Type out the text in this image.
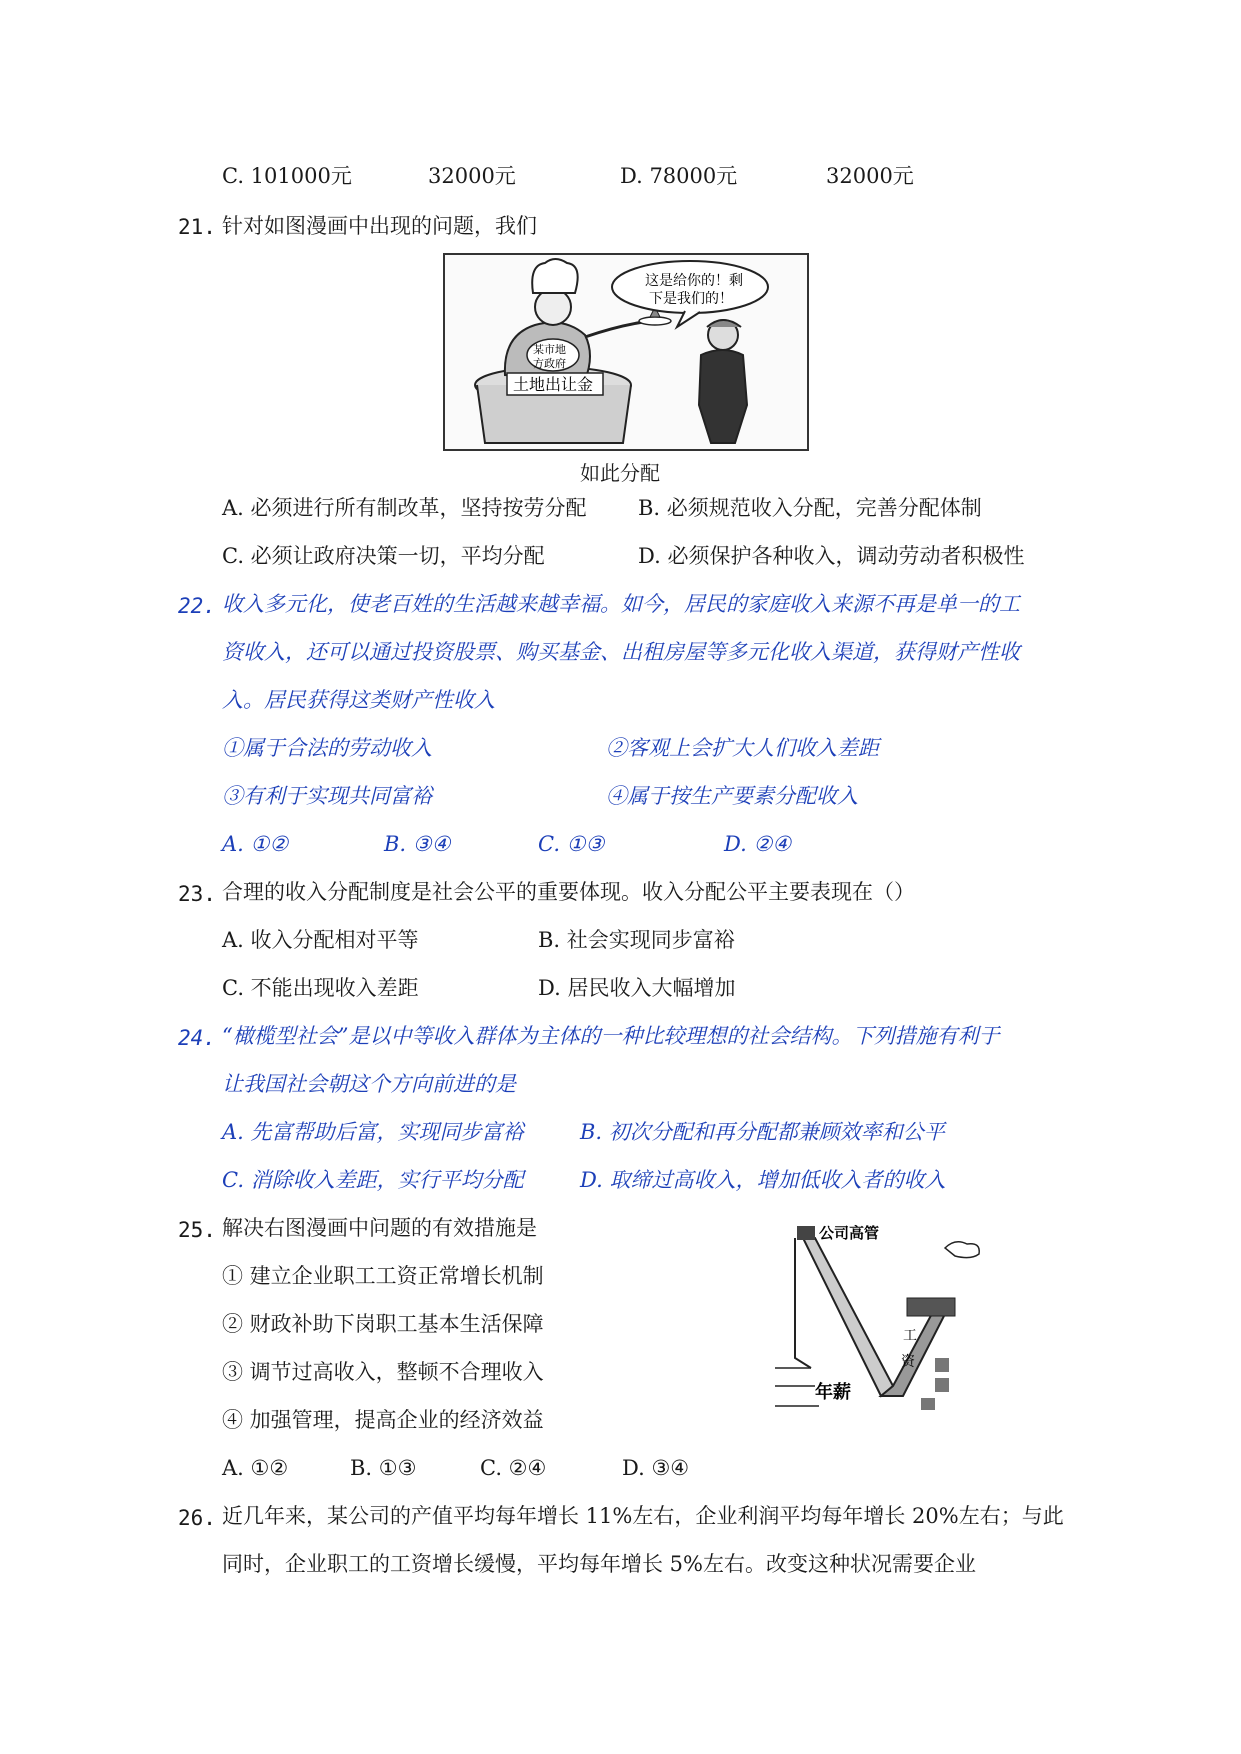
C. 101000元	32000元	D. 78000元	32000元
21. 针对如图漫画中出现的问题，我们
这是给你的！剩
下是我们的！
某市地
方政府
土地出让金
如此分配
A. 必须进行所有制改革，坚持按劳分配 B. 必须规范收入分配，完善分配体制
C. 必须让政府决策一切，平均分配	D. 必须保护各种收入，调动劳动者积极性
22. 收入多元化，使老百姓的生活越来越幸福。如今，居民的家庭收入来源不再是单一的工
资收入，还可以通过投资股票、购买基金、出租房屋等多元化收入渠道，获得财产性收
入。居民获得这类财产性收入
①属于合法的劳动收入	②客观上会扩大人们收入差距
③有利于实现共同富裕	④属于按生产要素分配收入
A. ①②	B. ③④	C. ①③	D. ②④
23. 合理的收入分配制度是社会公平的重要体现。收入分配公平主要表现在（）
A. 收入分配相对平等	B. 社会实现同步富裕
C. 不能出现收入差距	D. 居民收入大幅增加
24. “橄榄型社会”是以中等收入群体为主体的一种比较理想的社会结构。下列措施有利于
让我国社会朝这个方向前进的是
A. 先富帮助后富，实现同步富裕	B. 初次分配和再分配都兼顾效率和公平
C. 消除收入差距，实行平均分配	D. 取缔过高收入，增加低收入者的收入
25. 解决右图漫画中问题的有效措施是
① 建立企业职工工资正常增长机制
② 财政补助下岗职工基本生活保障
③ 调节过高收入，整顿不合理收入
④ 加强管理，提高企业的经济效益
A. ①②	B. ①③	C. ②④	D. ③④
公司高管
工
资
年薪
26. 近几年来，某公司的产值平均每年增长 11%左右，企业利润平均每年增长 20%左右；与此
同时，企业职工的工资增长缓慢，平均每年增长 5%左右。改变这种状况需要企业
